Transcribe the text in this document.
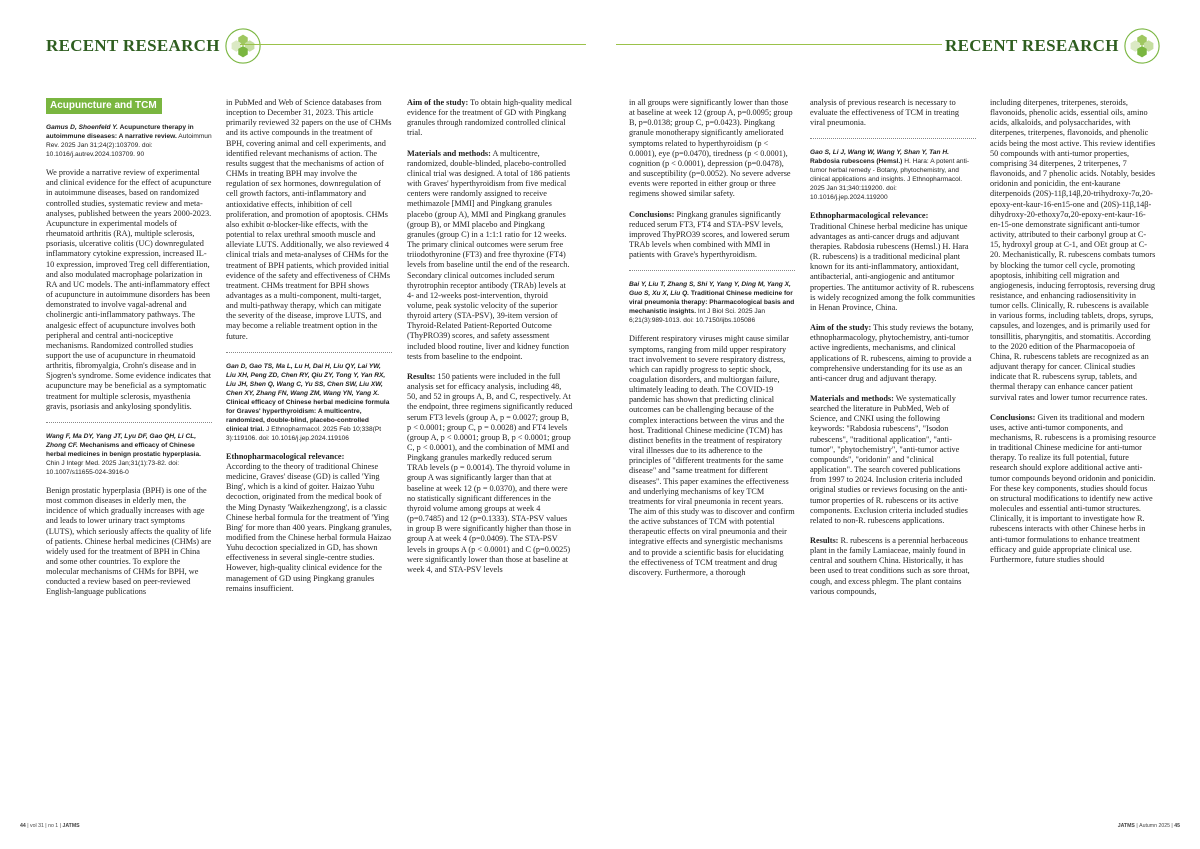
RECENT RESEARCH
Acupuncture and TCM
Gamus D, Shoenfeld Y. Acupuncture therapy in autoimmune diseases: A narrative review. Autoimmun Rev. 2025 Jan 31;24(2):103709. doi: 10.1016/j.autrev.2024.103709. 90

We provide a narrative review of experimental and clinical evidence for the effect of acupuncture in autoimmune diseases, based on randomized controlled studies, systematic review and meta-analyses, published between the years 2000-2023. Acupuncture in experimental models of rheumatoid arthritis (RA), multiple sclerosis, psoriasis, ulcerative colitis (UC) downregulated inflammatory cytokine expression, increased IL-10 expression, improved Treg cell differentiation, and also modulated macrophage polarization in RA and UC models. The anti-inflammatory effect of acupuncture in autoimmune disorders has been demonstrated to involve vagal-adrenal and cholinergic anti-inflammatory pathways. The analgesic effect of acupuncture involves both peripheral and central anti-nociceptive mechanisms. Randomized controlled studies support the use of acupuncture in rheumatoid arthritis, fibromyalgia, Crohn's disease and in Sjogren's syndrome. Some evidence indicates that acupuncture may be beneficial as a symptomatic treatment for multiple sclerosis, myasthenia gravis, psoriasis and ankylosing spondylitis.

Wang F, Ma DY, Yang JT, Lyu DF, Gao QH, Li CL, Zhong CF. Mechanisms and efficacy of Chinese herbal medicines in benign prostatic hyperplasia. Chin J Integr Med. 2025 Jan;31(1):73-82. doi: 10.1007/s11655-024-3916-0

Benign prostatic hyperplasia (BPH) is one of the most common diseases in elderly men, the incidence of which gradually increases with age and leads to lower urinary tract symptoms (LUTS), which seriously affects the quality of life of patients. Chinese herbal medicines (CHMs) are widely used for the treatment of BPH in China and some other countries. To explore the molecular mechanisms of CHMs for BPH, we conducted a review based on peer-reviewed English-language publications

in PubMed and Web of Science databases from inception to December 31, 2023. This article primarily reviewed 32 papers on the use of CHMs and its active compounds in the treatment of BPH, covering animal and cell experiments, and identified relevant mechanisms of action. The results suggest that the mechanisms of action of CHMs in treating BPH may involve the regulation of sex hormones, downregulation of cell growth factors, anti-inflammatory and antioxidative effects, inhibition of cell proliferation, and promotion of apoptosis. CHMs also exhibit α-blocker-like effects, with the potential to relax urethral smooth muscle and alleviate LUTS. Additionally, we also reviewed 4 clinical trials and meta-analyses of CHMs for the treatment of BPH patients, which provided initial evidence of the safety and effectiveness of CHMs treatment. CHMs treatment for BPH shows advantages as a multi-component, multi-target, and multi-pathway therapy, which can mitigate the severity of the disease, improve LUTS, and may become a reliable treatment option in the future.

Gan D, Gao TS, Ma L, Lu H, Dai H, Liu QY, Lai YW, Liu XH, Peng ZD, Chen RY, Qiu ZY, Tong Y, Yan RX, Liu JH, Shen Q, Wang C, Yu SS, Chen SW, Liu XW, Chen XY, Zhang FN, Wang ZM, Wang YN, Yang X. Clinical efficacy of Chinese herbal medicine formula for Graves' hyperthyroidism: A multicentre, randomized, double-blind, placebo-controlled clinical trial. J Ethnopharmacol. 2025 Feb 10;338(Pt 3):119106. doi: 10.1016/j.jep.2024.119106

Ethnopharmacological relevance:
According to the theory of traditional Chinese medicine, Graves' disease (GD) is called 'Ying Bing', which is a kind of goiter. Haizao Yuhu decoction, originated from the medical book of the Ming Dynasty 'Waikezhengzong', is a classic Chinese herbal formula for the treatment of 'Ying Bing' for more than 400 years. Pingkang granules, modified from the Chinese herbal formula Haizao Yuhu decoction specialized in GD, has shown effectiveness in several single-centre studies. However, high-quality clinical evidence for the management of GD using Pingkang granules remains insufficient.

Aim of the study: To obtain high-quality medical evidence for the treatment of GD with Pingkang granules through randomized controlled clinical trial.

Materials and methods: A multicentre, randomized, double-blinded, placebo-controlled clinical trial was designed. A total of 186 patients with Graves' hyperthyroidism from five medical centers were randomly assigned to receive methimazole [MMI] and Pingkang granules placebo (group A), MMI and Pingkang granules (group B), or MMI placebo and Pingkang granules (group C) in a 1:1:1 ratio for 12 weeks. The primary clinical outcomes were serum free triiodothyronine (FT3) and free thyroxine (FT4) levels from baseline until the end of the research. Secondary clinical outcomes included serum thyrotrophin receptor antibody (TRAb) levels at 4- and 12-weeks post-intervention, thyroid volume, peak systolic velocity of the superior thyroid artery (STA-PSV), 39-item version of Thyroid-Related Patient-Reported Outcome (ThyPRO39) scores, and safety assessment included blood routine, liver and kidney function tests from baseline to the endpoint.

Results: 150 patients were included in the full analysis set for efficacy analysis, including 48, 50, and 52 in groups A, B, and C, respectively. At the endpoint, three regimens significantly reduced serum FT3 levels (group A, p = 0.0027; group B, p < 0.0001; group C, p = 0.0028) and FT4 levels (group A, p < 0.0001; group B, p < 0.0001; group C, p < 0.0001), and the combination of MMI and Pingkang granules markedly reduced serum TRAb levels (p = 0.0014). The thyroid volume in group A was significantly larger than that at baseline at week 12 (p = 0.0370), and there were no statistically significant differences in the thyroid volume among groups at week 4 (p=0.7485) and 12 (p=0.1333). STA-PSV values in group B were significantly higher than those in group A at week 4 (p=0.0409). The STA-PSV levels in groups A (p < 0.0001) and C (p=0.0025) were significantly lower than those at baseline at week 4, and STA-PSV levels

44 | vol 31 | no 1 | JATMS
RECENT RESEARCH

in all groups were significantly lower than those at baseline at week 12 (group A, p=0.0095; group B, p=0.0138; group C, p=0.0423). Pingkang granule monotherapy significantly ameliorated symptoms related to hyperthyroidism (p < 0.0001), eye (p=0.0470), tiredness (p < 0.0001), cognition (p < 0.0001), depression (p=0.0478), and susceptibility (p=0.0052). No severe adverse events were reported in either group or three regimens showed similar safety.

Conclusions: Pingkang granules significantly reduced serum FT3, FT4 and STA-PSV levels, improved ThyPRO39 scores, and lowered serum TRAb levels when combined with MMI in patients with Grave's hyperthyroidism.

Bai Y, Liu T, Zhang S, Shi Y, Yang Y, Ding M, Yang X, Guo S, Xu X, Liu Q. Traditional Chinese medicine for viral pneumonia therapy: Pharmacological basis and mechanistic insights. Int J Biol Sci. 2025 Jan 6;21(3):989-1013. doi: 10.7150/ijbs.105086

Different respiratory viruses might cause similar symptoms, ranging from mild upper respiratory tract involvement to severe respiratory distress, which can rapidly progress to septic shock, coagulation disorders, and multiorgan failure, ultimately leading to death. The COVID-19 pandemic has shown that predicting clinical outcomes can be challenging because of the complex interactions between the virus and the host. Traditional Chinese medicine (TCM) has distinct benefits in the treatment of respiratory viral illnesses due to its adherence to the principles of "different treatments for the same disease" and "same treatment for different diseases". This paper examines the effectiveness and underlying mechanisms of key TCM treatments for viral pneumonia in recent years. The aim of this study was to discover and confirm the active substances of TCM with potential therapeutic effects on viral pneumonia and their integrative effects and synergistic mechanisms and to provide a scientific basis for elucidating the effectiveness of TCM treatment and drug discovery. Furthermore, a thorough

analysis of previous research is necessary to evaluate the effectiveness of TCM in treating viral pneumonia.

Gao S, Li J, Wang W, Wang Y, Shan Y, Tan H. Rabdosia rubescens (Hemsl.) H. Hara: A potent anti-tumor herbal remedy - Botany, phytochemistry, and clinical applications and insights. J Ethnopharmacol. 2025 Jan 31;340:119200. doi: 10.1016/j.jep.2024.119200

Ethnopharmacological relevance:
Traditional Chinese herbal medicine has unique advantages as anti-cancer drugs and adjuvant therapies. Rabdosia rubescens (Hemsl.) H. Hara (R. rubescens) is a traditional medicinal plant known for its anti-inflammatory, antioxidant, antibacterial, anti-angiogenic and antitumor properties. The antitumor activity of R. rubescens is widely recognized among the folk communities in Henan Province, China.

Aim of the study: This study reviews the botany, ethnopharmacology, phytochemistry, anti-tumor active ingredients, mechanisms, and clinical applications of R. rubescens, aiming to provide a comprehensive understanding for its use as an anti-cancer drug and adjuvant therapy.

Materials and methods: We systematically searched the literature in PubMed, Web of Science, and CNKI using the following keywords: "Rabdosia rubescens", "Isodon rubescens", "traditional application", "anti-tumor", "phytochemistry", "anti-tumor active compounds", "oridonin" and "clinical application". The search covered publications from 1997 to 2024. Inclusion criteria included original studies or reviews focusing on the anti-tumor properties of R. rubescens or its active components. Exclusion criteria included studies related to non-R. rubescens applications.

Results: R. rubescens is a perennial herbaceous plant in the family Lamiaceae, mainly found in central and southern China. Historically, it has been used to treat conditions such as sore throat, cough, and excess phlegm. The plant contains various compounds,

including diterpenes, triterpenes, steroids, flavonoids, phenolic acids, essential oils, amino acids, alkaloids, and polysaccharides, with diterpenes, triterpenes, flavonoids, and phenolic acids being the most active. This review identifies 50 compounds with anti-tumor properties, comprising 34 diterpenes, 2 triterpenes, 7 flavonoids, and 7 phenolic acids. Notably, besides oridonin and ponicidin, the ent-kaurane diterpenoids (20S)-11β,14β,20-trihydroxy-7α,20-epoxy-ent-kaur-16-en15-one and (20S)-11β,14β-dihydroxy-20-ethoxy7α,20-epoxy-ent-kaur-16-en-15-one demonstrate significant anti-tumor activity, attributed to their carbonyl group at C-15, hydroxyl group at C-1, and OEt group at C-20. Mechanistically, R. rubescens combats tumors by blocking the tumor cell cycle, promoting apoptosis, inhibiting cell migration and angiogenesis, inducing ferroptosis, reversing drug resistance, and enhancing radiosensitivity in tumor cells. Clinically, R. rubescens is available in various forms, including tablets, drops, syrups, capsules, and lozenges, and is primarily used for tonsillitis, pharyngitis, and stomatitis. According to the 2020 edition of the Pharmacopoeia of China, R. rubescens tablets are recognized as an adjuvant therapy for cancer. Clinical studies indicate that R. rubescens syrup, tablets, and thermal therapy can enhance cancer patient survival rates and lower tumor recurrence rates.

Conclusions: Given its traditional and modern uses, active anti-tumor components, and mechanisms, R. rubescens is a promising resource in traditional Chinese medicine for anti-tumor therapy. To realize its full potential, future research should explore additional active anti-tumor compounds beyond oridonin and ponicidin. For these key components, studies should focus on structural modifications to identify new active molecules and essential anti-tumor structures. Clinically, it is important to investigate how R. rubescens interacts with other Chinese herbs in anti-tumor formulations to enhance treatment efficacy and guide appropriate clinical use. Furthermore, future studies should

JATMS | Autumn 2025 | 45
